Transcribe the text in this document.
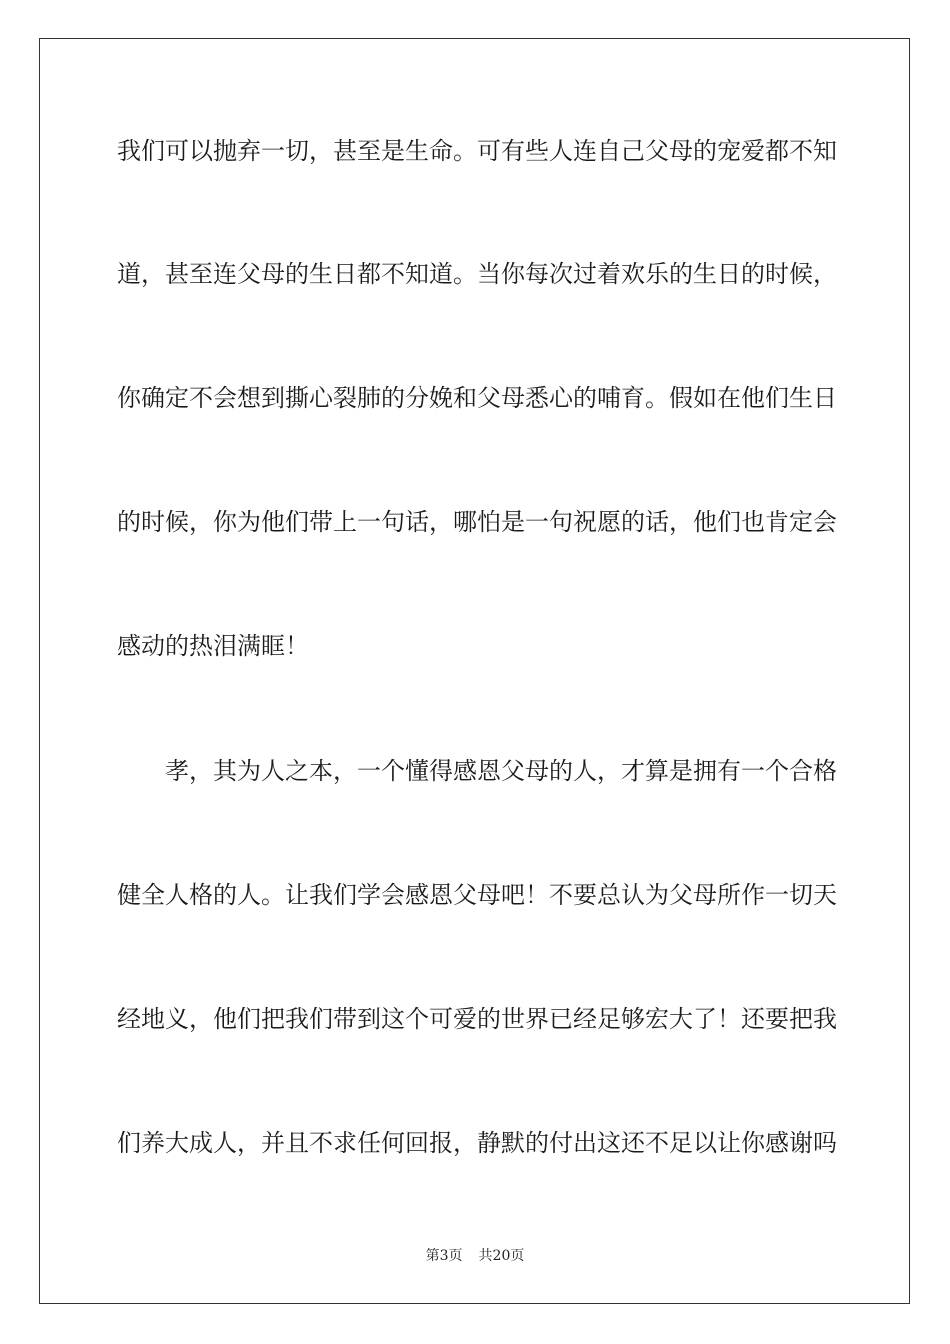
我们可以抛弃一切，甚至是生命。可有些人连自己父母的宠爱都不知
道，甚至连父母的生日都不知道。当你每次过着欢乐的生日的时候，
你确定不会想到撕心裂肺的分娩和父母悉心的哺育。假如在他们生日
的时候，你为他们带上一句话，哪怕是一句祝愿的话，他们也肯定会
感动的热泪满眶！
孝，其为人之本，一个懂得感恩父母的人，才算是拥有一个合格
健全人格的人。让我们学会感恩父母吧！不要总认为父母所作一切天
经地义，他们把我们带到这个可爱的世界已经足够宏大了！还要把我
们养大成人，并且不求任何回报，静默的付出这还不足以让你感谢吗
第3页 共20页
